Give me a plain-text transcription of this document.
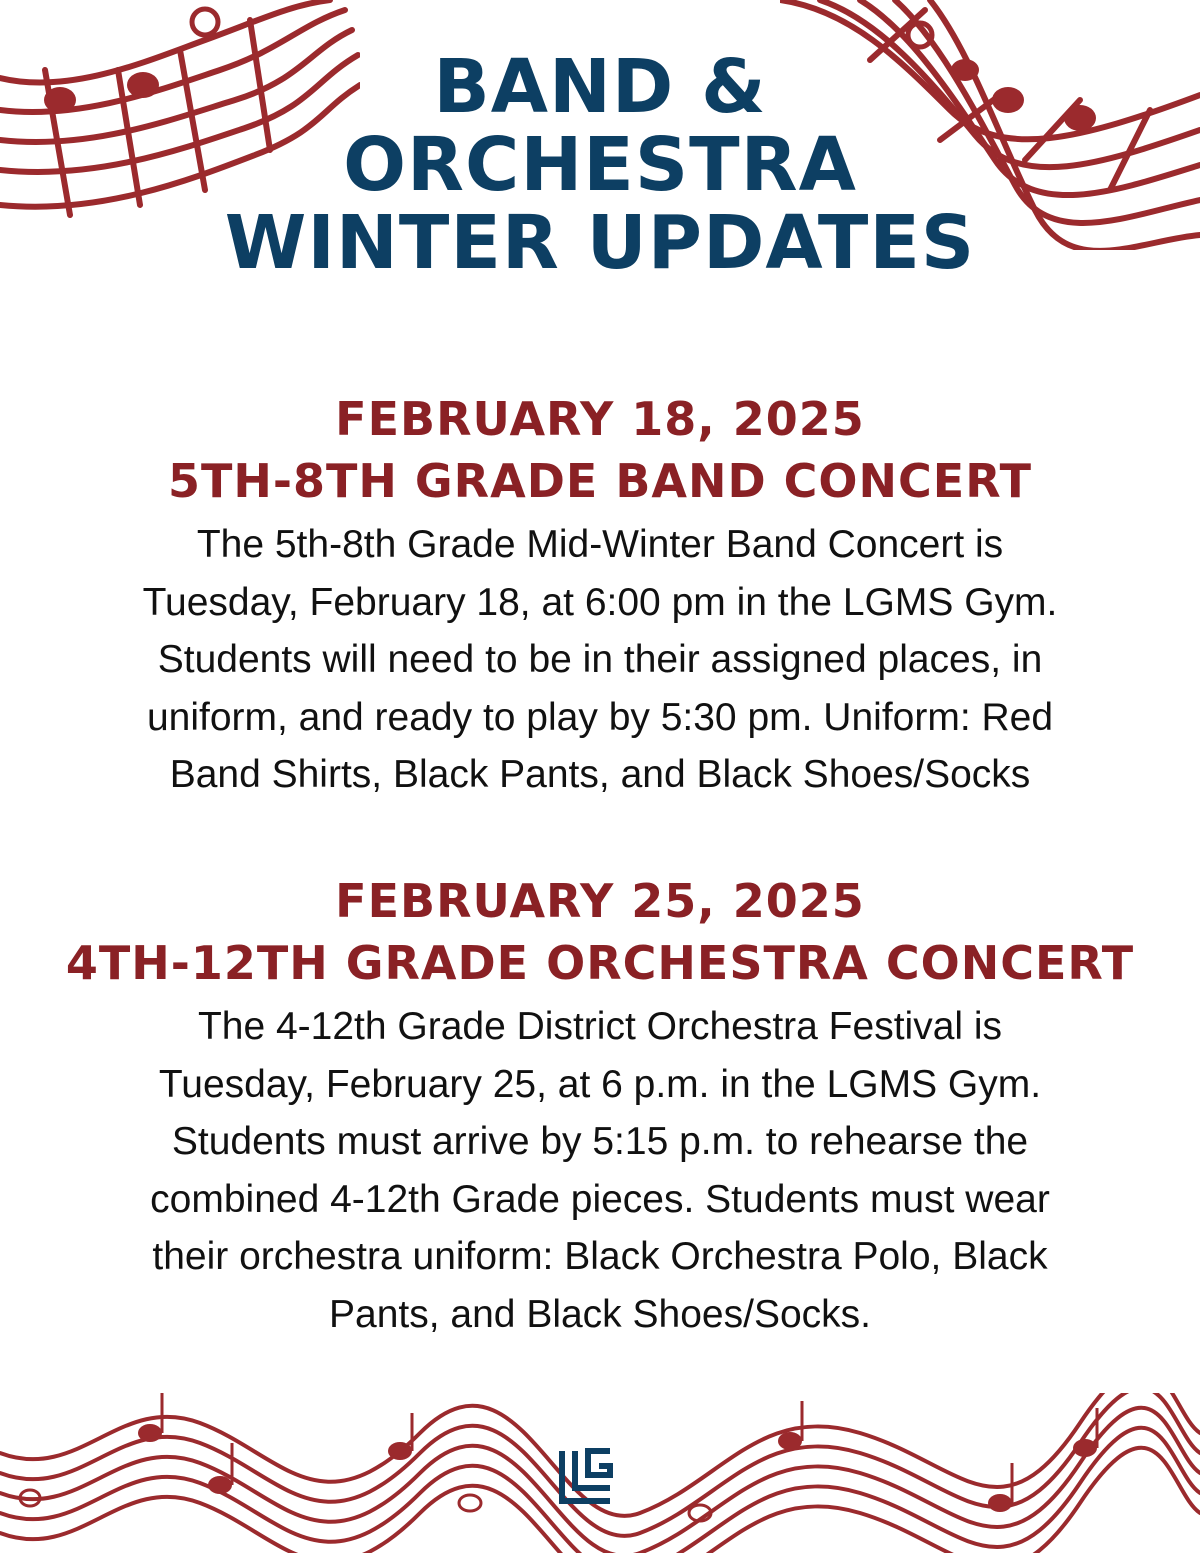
BAND &
ORCHESTRA
WINTER UPDATES
FEBRUARY 18, 2025
5TH-8TH GRADE BAND CONCERT
The 5th-8th Grade Mid-Winter Band Concert is
Tuesday, February 18, at 6:00 pm in the LGMS Gym.
Students will need to be in their assigned places, in
uniform, and ready to play by 5:30 pm. Uniform: Red
Band Shirts, Black Pants, and Black Shoes/Socks
FEBRUARY 25, 2025
4TH-12TH GRADE ORCHESTRA CONCERT
The 4-12th Grade District Orchestra Festival is
Tuesday, February 25, at 6 p.m. in the LGMS Gym.
Students must arrive by 5:15 p.m. to rehearse the
combined 4-12th Grade pieces. Students must wear
their orchestra uniform: Black Orchestra Polo, Black
Pants, and Black Shoes/Socks.
